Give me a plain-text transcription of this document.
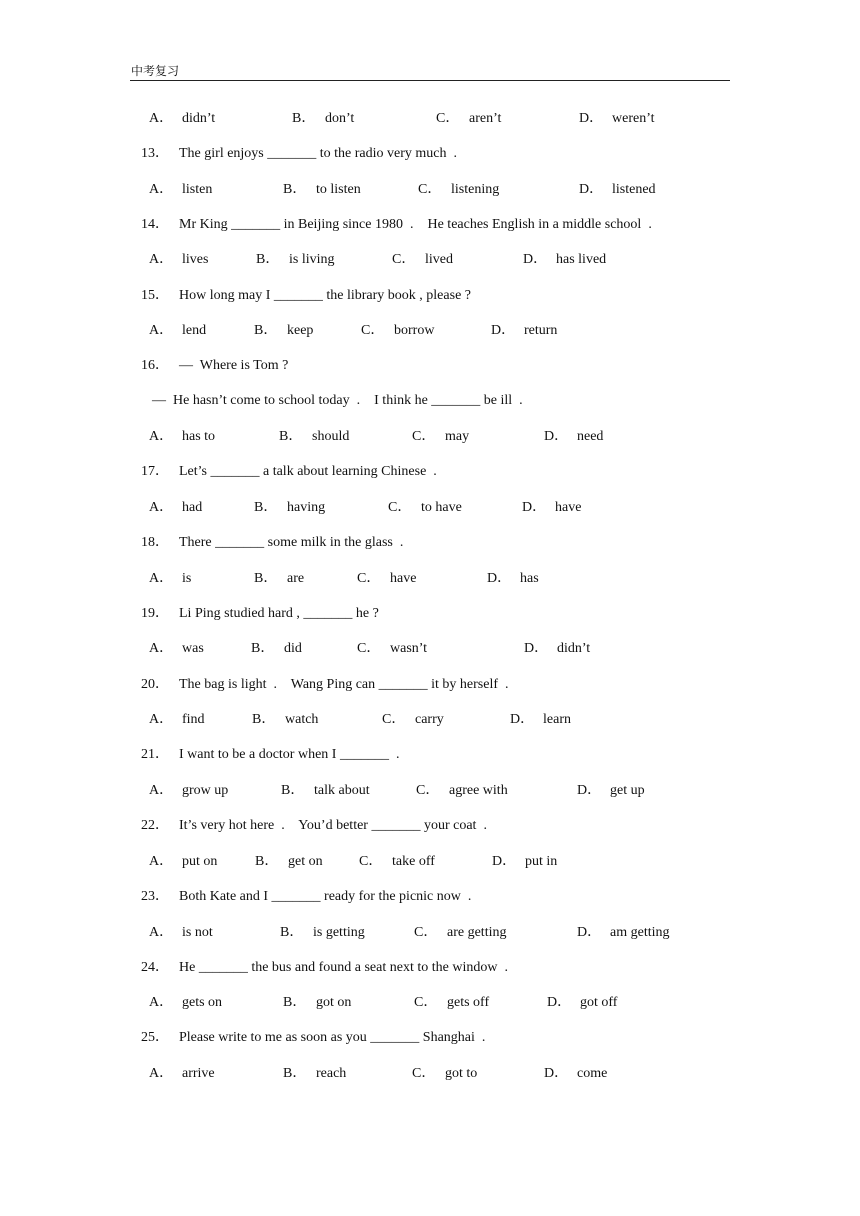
中考复习
A． didn’t	B． don’t	C． aren’t	D． weren’t
13． The girl enjoys _______ to the radio very much  .
A． listen	B． to listen	C． listening	D． listened
14． Mr King _______ in Beijing since 1980  .    He teaches English in a middle school  .
A． lives	B． is living	C． lived	D． has lived
15． How long may I _______ the library book , please ?
A． lend	B． keep	C． borrow	D． return
16． —  Where is Tom ?
—  He hasn’t come to school today  .    I think he _______ be ill  .
A． has to	B． should	C． may	D． need
17． Let’s _______ a talk about learning Chinese  .
A． had	B． having	C． to have	D． have
18． There _______ some milk in the glass  .
A． is	B． are	C． have	D． has
19． Li Ping studied hard , _______ he ?
A． was	B． did	C． wasn’t	D． didn’t
20． The bag is light  .    Wang Ping can _______ it by herself  .
A． find	B． watch	C． carry	D． learn
21． I want to be a doctor when I _______  .
A． grow up	B． talk about	C． agree with	D． get up
22． It’s very hot here  .    You’d better _______ your coat  .
A． put on	B． get on	C． take off	D． put in
23． Both Kate and I _______ ready for the picnic now  .
A． is not	B． is getting	C． are getting	D． am getting
24． He _______ the bus and found a seat next to the window  .
A． gets on	B． got on	C． gets off	D． got off
25． Please write to me as soon as you _______ Shanghai  .
A． arrive	B． reach	C． got to	D． come
